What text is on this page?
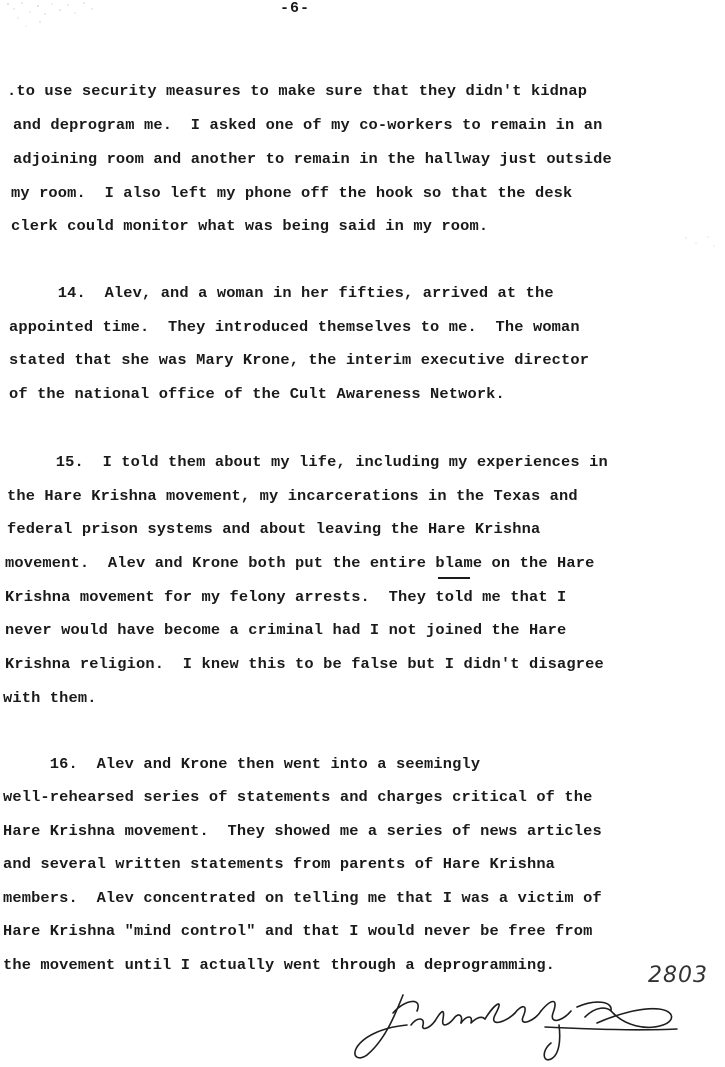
-6-
.to use security measures to make sure that they didn't kidnap
and deprogram me.  I asked one of my co-workers to remain in an
adjoining room and another to remain in the hallway just outside
my room.  I also left my phone off the hook so that the desk
clerk could monitor what was being said in my room.
14.  Alev, and a woman in her fifties, arrived at the
appointed time.  They introduced themselves to me.  The woman
stated that she was Mary Krone, the interim executive director
of the national office of the Cult Awareness Network.
15.  I told them about my life, including my experiences in
the Hare Krishna movement, my incarcerations in the Texas and
federal prison systems and about leaving the Hare Krishna
movement.  Alev and Krone both put the entire blame on the Hare
Krishna movement for my felony arrests.  They told me that I
never would have become a criminal had I not joined the Hare
Krishna religion.  I knew this to be false but I didn't disagree
with them.
16.  Alev and Krone then went into a seemingly
well-rehearsed series of statements and charges critical of the
Hare Krishna movement.  They showed me a series of news articles
and several written statements from parents of Hare Krishna
members.  Alev concentrated on telling me that I was a victim of
Hare Krishna "mind control" and that I would never be free from
the movement until I actually went through a deprogramming.	2803
